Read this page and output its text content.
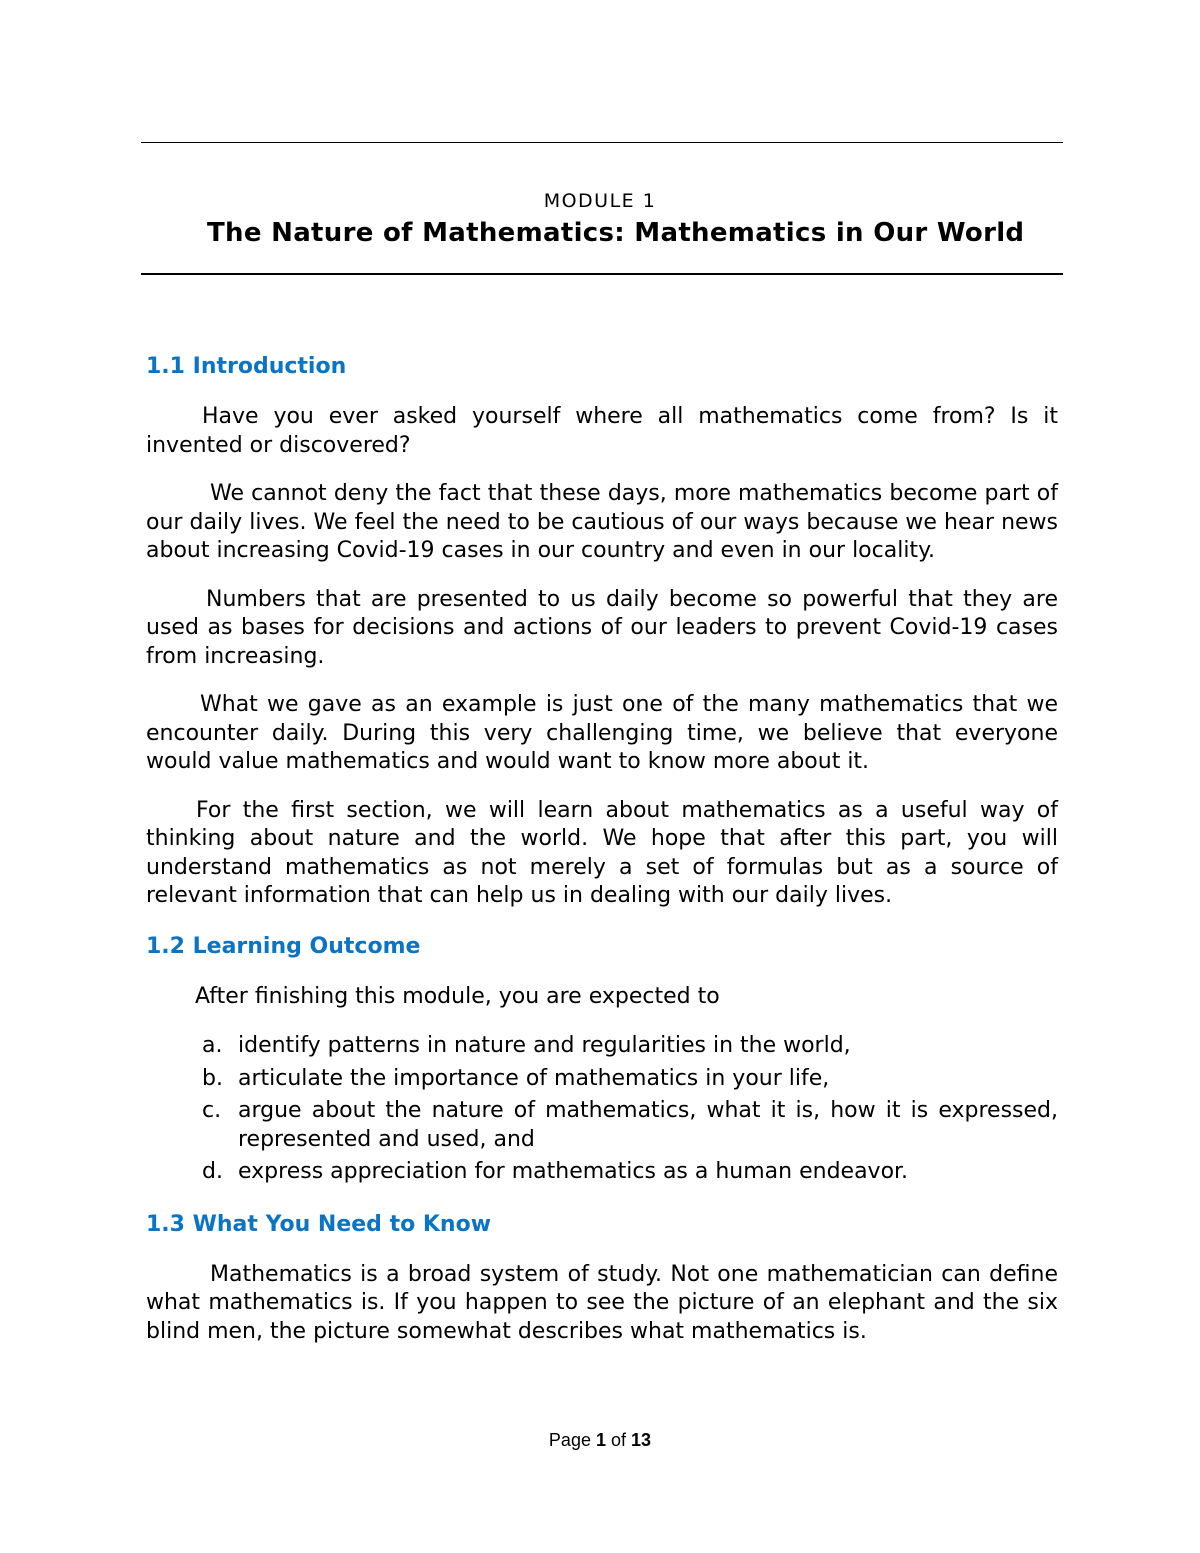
MODULE 1
The Nature of Mathematics: Mathematics in Our World
1.1 Introduction

Have you ever asked yourself where all mathematics come from? Is it invented or discovered?

We cannot deny the fact that these days, more mathematics become part of our daily lives. We feel the need to be cautious of our ways because we hear news about increasing Covid-19 cases in our country and even in our locality.

Numbers that are presented to us daily become so powerful that they are used as bases for decisions and actions of our leaders to prevent Covid-19 cases from increasing.

What we gave as an example is just one of the many mathematics that we encounter daily. During this very challenging time, we believe that everyone would value mathematics and would want to know more about it.

For the first section, we will learn about mathematics as a useful way of thinking about nature and the world. We hope that after this part, you will understand mathematics as not merely a set of formulas but as a source of relevant information that can help us in dealing with our daily lives.

1.2 Learning Outcome

After finishing this module, you are expected to

a. identify patterns in nature and regularities in the world,
b. articulate the importance of mathematics in your life,
c. argue about the nature of mathematics, what it is, how it is expressed, represented and used, and
d. express appreciation for mathematics as a human endeavor.
1.3 What You Need to Know

Mathematics is a broad system of study. Not one mathematician can define what mathematics is. If you happen to see the picture of an elephant and the six blind men, the picture somewhat describes what mathematics is.

Page 1 of 13
